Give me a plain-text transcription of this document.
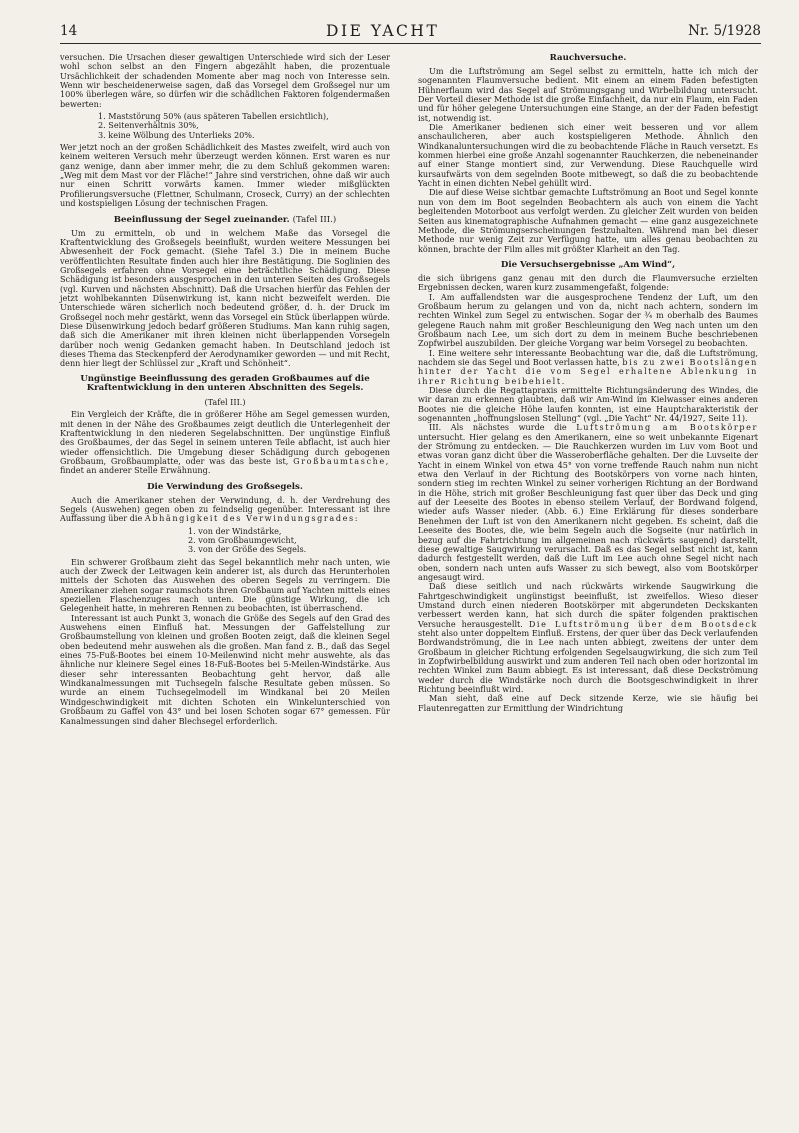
14	DIE YACHT	Nr. 5/1928

versuchen. Die Ursachen dieser gewaltigen Unterschiede wird sich der Leser wohl schon selbst an den Fingern abgezählt haben, die prozentuale Ursächlichkeit der schadenden Momente aber mag noch von Interesse sein. Wenn wir bescheidenerweise sagen, daß das Vorsegel dem Großsegel nur um 100% überlegen wäre, so dürfen wir die schädlichen Faktoren folgendermaßen bewerten:

1. Maststörung 50% (aus späteren Tabellen ersichtlich),
2. Seitenverhältnis 30%,
3. keine Wölbung des Unterlieks 20%.

Wer jetzt noch an der großen Schädlichkeit des Mastes zweifelt, wird auch von keinem weiteren Versuch mehr überzeugt werden können. Erst waren es nur ganz wenige, dann aber immer mehr, die zu dem Schluß gekommen waren: „Weg mit dem Mast vor der Fläche!“ Jahre sind verstrichen, ohne daß wir auch nur einen Schritt vorwärts kamen. Immer wieder mißglückten Profilierungsversuche (Flettner, Schulmann, Croseck, Curry) an der schlechten und kostspieligen Lösung der technischen Fragen.

Beeinflussung der Segel zueinander. (Tafel III.)

Um zu ermitteln, ob und in welchem Maße das Vorsegel die Kraftentwicklung des Großsegels beeinflußt, wurden weitere Messungen bei Abwesenheit der Fock gemacht. (Siehe Tafel 3.) Die in meinem Buche veröffentlichten Resultate finden auch hier ihre Bestätigung. Die Soglinien des Großsegels erfahren ohne Vorsegel eine beträchtliche Schädigung. Diese Schädigung ist besonders ausgesprochen in den unteren Seiten des Großsegels (vgl. Kurven und nächsten Abschnitt). Daß die Ursachen hierfür das Fehlen der jetzt wohlbekannten Düsenwirkung ist, kann nicht bezweifelt werden. Die Unterschiede wären sicherlich noch bedeutend größer, d. h. der Druck im Großsegel noch mehr gestärkt, wenn das Vorsegel ein Stück überlappen würde. Diese Düsenwirkung jedoch bedarf größeren Studiums. Man kann ruhig sagen, daß sich die Amerikaner mit ihren kleinen nicht überlappenden Vorsegeln darüber noch wenig Gedanken gemacht haben. In Deutschland jedoch ist dieses Thema das Steckenpferd der Aerodynamiker geworden — und mit Recht, denn hier liegt der Schlüssel zur „Kraft und Schönheit“.

Ungünstige Beeinflussung des geraden Großbaumes auf die Kraftentwicklung in den unteren Abschnitten des Segels.

(Tafel III.)

Ein Vergleich der Kräfte, die in größerer Höhe am Segel gemessen wurden, mit denen in der Nähe des Großbaumes zeigt deutlich die Unterlegenheit der Kraftentwicklung in den niederen Segelabschnitten. Der ungünstige Einfluß des Großbaumes, der das Segel in seinem unteren Teile abflacht, ist auch hier wieder offensichtlich. Die Umgebung dieser Schädigung durch gebogenen Großbaum, Großbaumplatte, oder was das beste ist, Großbaumtasche, findet an anderer Stelle Erwähnung.

Die Verwindung des Großsegels.

Auch die Amerikaner stehen der Verwindung, d. h. der Verdrehung des Segels (Auswehen) gegen oben zu feindselig gegenüber. Interessant ist ihre Auffassung über die Abhängigkeit des Verwindungsgrades:

1. von der Windstärke,
2. vom Großbaumgewicht,
3. von der Größe des Segels.

Ein schwerer Großbaum zieht das Segel bekanntlich mehr nach unten, wie auch der Zweck der Leitwagen kein anderer ist, als durch das Herunterholen mittels der Schoten das Auswehen des oberen Segels zu verringern. Die Amerikaner ziehen sogar raumschots ihren Großbaum auf Yachten mittels eines speziellen Flaschenzuges nach unten. Die günstige Wirkung, die ich Gelegenheit hatte, in mehreren Rennen zu beobachten, ist überraschend.

Interessant ist auch Punkt 3, wonach die Größe des Segels auf den Grad des Auswehens einen Einfluß hat. Messungen der Gaffelstellung zur Großbaumstellung von kleinen und großen Booten zeigt, daß die kleinen Segel oben bedeutend mehr auswehen als die großen. Man fand z. B., daß das Segel eines 75-Fuß-Bootes bei einem 10-Meilenwind nicht mehr auswehte, als das ähnliche nur kleinere Segel eines 18-Fuß-Bootes bei 5-Meilen-Windstärke. Aus dieser sehr interessanten Beobachtung geht hervor, daß alle Windkanalmessungen mit Tuchsegeln falsche Resultate geben müssen. So wurde an einem Tuchsegelmodell im Windkanal bei 20 Meilen Windgeschwindigkeit mit dichten Schoten ein Winkelunterschied von Großbaum zu Gaffel von 43° und bei losen Schoten sogar 67° gemessen. Für Kanalmessungen sind daher Blechsegel erforderlich.

Rauchversuche.

Um die Luftströmung am Segel selbst zu ermitteln, hatte ich mich der sogenannten Flaumversuche bedient. Mit einem an einem Faden befestigten Hühnerflaum wird das Segel auf Strömungsgang und Wirbelbildung untersucht. Der Vorteil dieser Methode ist die große Einfachheit, da nur ein Flaum, ein Faden und für höher gelegene Untersuchungen eine Stange, an der der Faden befestigt ist, notwendig ist.

Die Amerikaner bedienen sich einer weit besseren und vor allem anschaulicheren, aber auch kostspieligeren Methode. Ähnlich den Windkanaluntersuchungen wird die zu beobachtende Fläche in Rauch versetzt. Es kommen hierbei eine große Anzahl sogenannter Rauchkerzen, die nebeneinander auf einer Stange montiert sind, zur Verwendung. Diese Rauchquelle wird kursaufwärts von dem segelnden Boote mitbewegt, so daß die zu beobachtende Yacht in einen dichten Nebel gehüllt wird.

Die auf diese Weise sichtbar gemachte Luftströmung an Boot und Segel konnte nun von dem im Boot segelnden Beobachtern als auch von einem die Yacht begleitenden Motorboot aus verfolgt werden. Zu gleicher Zeit wurden von beiden Seiten aus kinematographische Aufnahmen gemacht — eine ganz ausgezeichnete Methode, die Strömungserscheinungen festzuhalten. Während man bei dieser Methode nur wenig Zeit zur Verfügung hatte, um alles genau beobachten zu können, brachte der Film alles mit größter Klarheit an den Tag.

Die Versuchsergebnisse „Am Wind“,

die sich übrigens ganz genau mit den durch die Flaumversuche erzielten Ergebnissen decken, waren kurz zusammengefaßt, folgende:

I. Am auffallendsten war die ausgesprochene Tendenz der Luft, um den Großbaum herum zu gelangen und von da, nicht nach achtern, sondern im rechten Winkel zum Segel zu entwischen. Sogar der ¾ m oberhalb des Baumes gelegene Rauch nahm mit großer Beschleunigung den Weg nach unten um den Großbaum nach Lee, um sich dort zu dem in meinem Buche beschriebenen Zopfwirbel auszubilden. Der gleiche Vorgang war beim Vorsegel zu beobachten.

I. Eine weitere sehr interessante Beobachtung war die, daß die Luftströmung, nachdem sie das Segel und Boot verlassen hatte, bis zu zwei Bootslängen hinter der Yacht die vom Segel erhaltene Ablenkung in ihrer Richtung beibehielt.

Diese durch die Regattapraxis ermittelte Richtungsänderung des Windes, die wir daran zu erkennen glaubten, daß wir Am-Wind im Kielwasser eines anderen Bootes nie die gleiche Höhe laufen konnten, ist eine Hauptcharakteristik der sogenannten „hoffnungslosen Stellung“ (vgl. „Die Yacht“ Nr. 44/1927, Seite 11).

III. Als nächstes wurde die Luftströmung am Bootskörper untersucht. Hier gelang es den Amerikanern, eine so weit unbekannte Eigenart der Strömung zu entdecken. — Die Rauchkerzen wurden im Luv vom Boot und etwas voran ganz dicht über die Wasseroberfläche gehalten. Der die Luvseite der Yacht in einem Winkel von etwa 45° von vorne treffende Rauch nahm nun nicht etwa den Verlauf in der Richtung des Bootskörpers von vorne nach hinten, sondern stieg im rechten Winkel zu seiner vorherigen Richtung an der Bordwand in die Höhe, strich mit großer Beschleunigung fast quer über das Deck und ging auf der Leeseite des Bootes in ebenso steilem Verlauf, der Bordwand folgend, wieder aufs Wasser nieder. (Abb. 6.) Eine Erklärung für dieses sonderbare Benehmen der Luft ist von den Amerikanern nicht gegeben. Es scheint, daß die Leeseite des Bootes, die, wie beim Segeln auch die Sogseite (nur natürlich in bezug auf die Fahrtrichtung im allgemeinen nach rückwärts saugend) darstellt, diese gewaltige Saugwirkung verursacht. Daß es das Segel selbst nicht ist, kann dadurch festgestellt werden, daß die Luft im Lee auch ohne Segel nicht nach oben, sondern nach unten aufs Wasser zu sich bewegt, also vom Bootskörper angesaugt wird.

Daß diese seitlich und nach rückwärts wirkende Saugwirkung die Fahrtgeschwindigkeit ungünstigst beeinflußt, ist zweifellos. Wieso dieser Umstand durch einen niederen Bootskörper mit abgerundeten Deckskanten verbessert werden kann, hat sich durch die später folgenden praktischen Versuche herausgestellt. Die Luftströmung über dem Bootsdeck steht also unter doppeltem Einfluß. Erstens, der quer über das Deck verlaufenden Bordwandströmung, die in Lee nach unten abbiegt, zweitens der unter dem Großbaum in gleicher Richtung erfolgenden Segelsaugwirkung, die sich zum Teil in Zopfwirbelbildung auswirkt und zum anderen Teil nach oben oder horizontal im rechten Winkel zum Baum abbiegt. Es ist interessant, daß diese Deckströmung weder durch die Windstärke noch durch die Bootsgeschwindigkeit in ihrer Richtung beeinflußt wird.

Man sieht, daß eine auf Deck sitzende Kerze, wie sie häufig bei Flautenregatten zur Ermittlung der Windrichtung
